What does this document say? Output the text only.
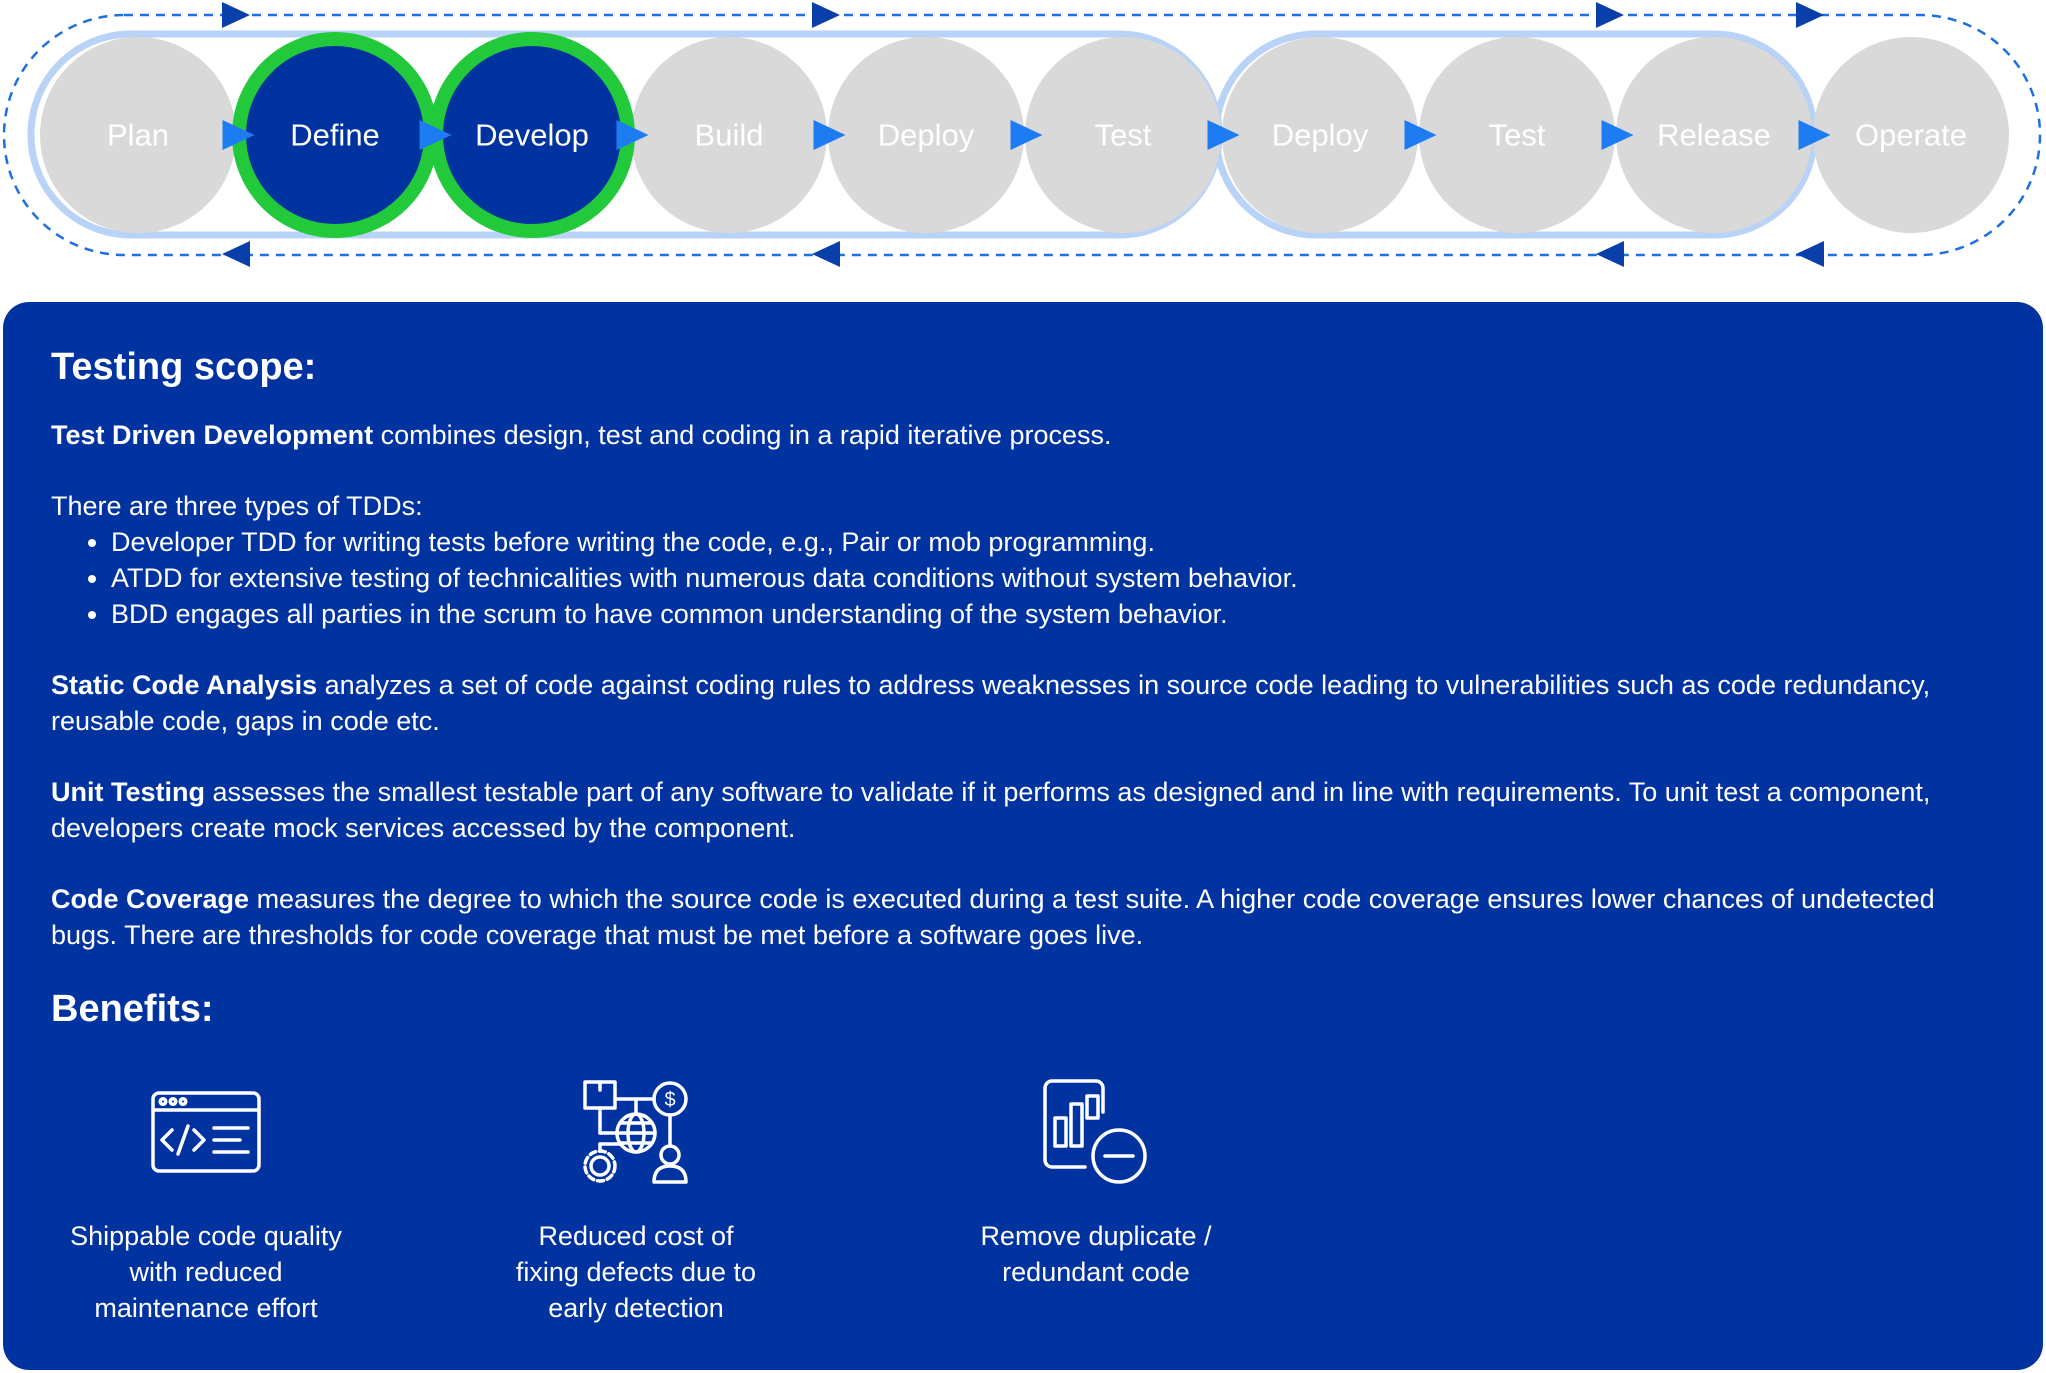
Plan	Build	Deploy	Test	Deploy	Test	Release	Operate
Define	Develop
Testing scope:

Test Driven Development combines design, test and coding in a rapid iterative process.

There are three types of TDDs:
• Developer TDD for writing tests before writing the code, e.g., Pair or mob programming.
• ATDD for extensive testing of technicalities with numerous data conditions without system behavior.
• BDD engages all parties in the scrum to have common understanding of the system behavior.

Static Code Analysis analyzes a set of code against coding rules to address weaknesses in source code leading to vulnerabilities such as code redundancy, reusable code, gaps in code etc.

Unit Testing assesses the smallest testable part of any software to validate if it performs as designed and in line with requirements. To unit test a component, developers create mock services accessed by the component.

Code Coverage measures the degree to which the source code is executed during a test suite. A higher code coverage ensures lower chances of undetected bugs. There are thresholds for code coverage that must be met before a software goes live.

Benefits:
Shippable code quality
with reduced
maintenance effort
$
Reduced cost of
fixing defects due to
early detection
Remove duplicate /
redundant code
